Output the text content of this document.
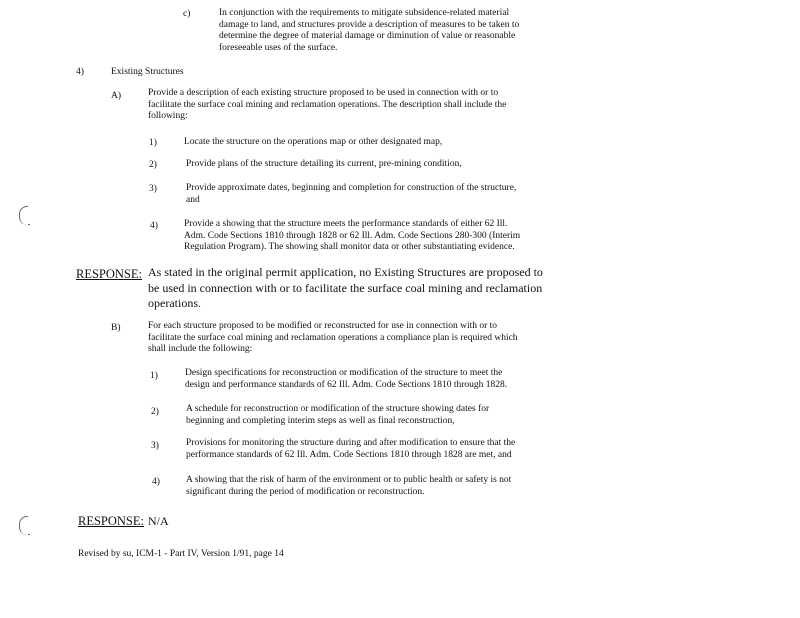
c)	In conjunction with the requirements to mitigate subsidence-related material
damage to land, and structures provide a description of measures to be taken to
determine the degree of material damage or diminution of value or reasonable
foreseeable uses of the surface.
4)	Existing Structures
A)	Provide a description of each existing structure proposed to be used in connection with or to
facilitate the surface coal mining and reclamation operations. The description shall include the
following:
1)	Locate the structure on the operations map or other designated map,
2)	Provide plans of the structure detailing its current, pre-mining condition,
3)	Provide approximate dates, beginning and completion for construction of the structure,
and
4)	Provide a showing that the structure meets the performance standards of either 62 Ill.
Adm. Code Sections 1810 through 1828 or 62 Ill. Adm. Code Sections 280-300 (Interim
Regulation Program). The showing shall monitor data or other substantiating evidence.
RESPONSE: As stated in the original permit application, no Existing Structures are proposed to
be used in connection with or to facilitate the surface coal mining and reclamation
operations.
B)	For each structure proposed to be modified or reconstructed for use in connection with or to
facilitate the surface coal mining and reclamation operations a compliance plan is required which
shall include the following:
1)	Design specifications for reconstruction or modification of the structure to meet the
design and performance standards of 62 Ill. Adm. Code Sections 1810 through 1828.
2)	A schedule for reconstruction or modification of the structure showing dates for
beginning and completing interim steps as well as final reconstruction,
3)	Provisions for monitoring the structure during and after modification to ensure that the
performance standards of 62 Ill. Adm. Code Sections 1810 through 1828 are met, and
4)	A showing that the risk of harm of the environment or to public health or safety is not
significant during the period of modification or reconstruction.
RESPONSE: N/A
Revised by su, ICM-1 - Part IV, Version 1/91, page 14
